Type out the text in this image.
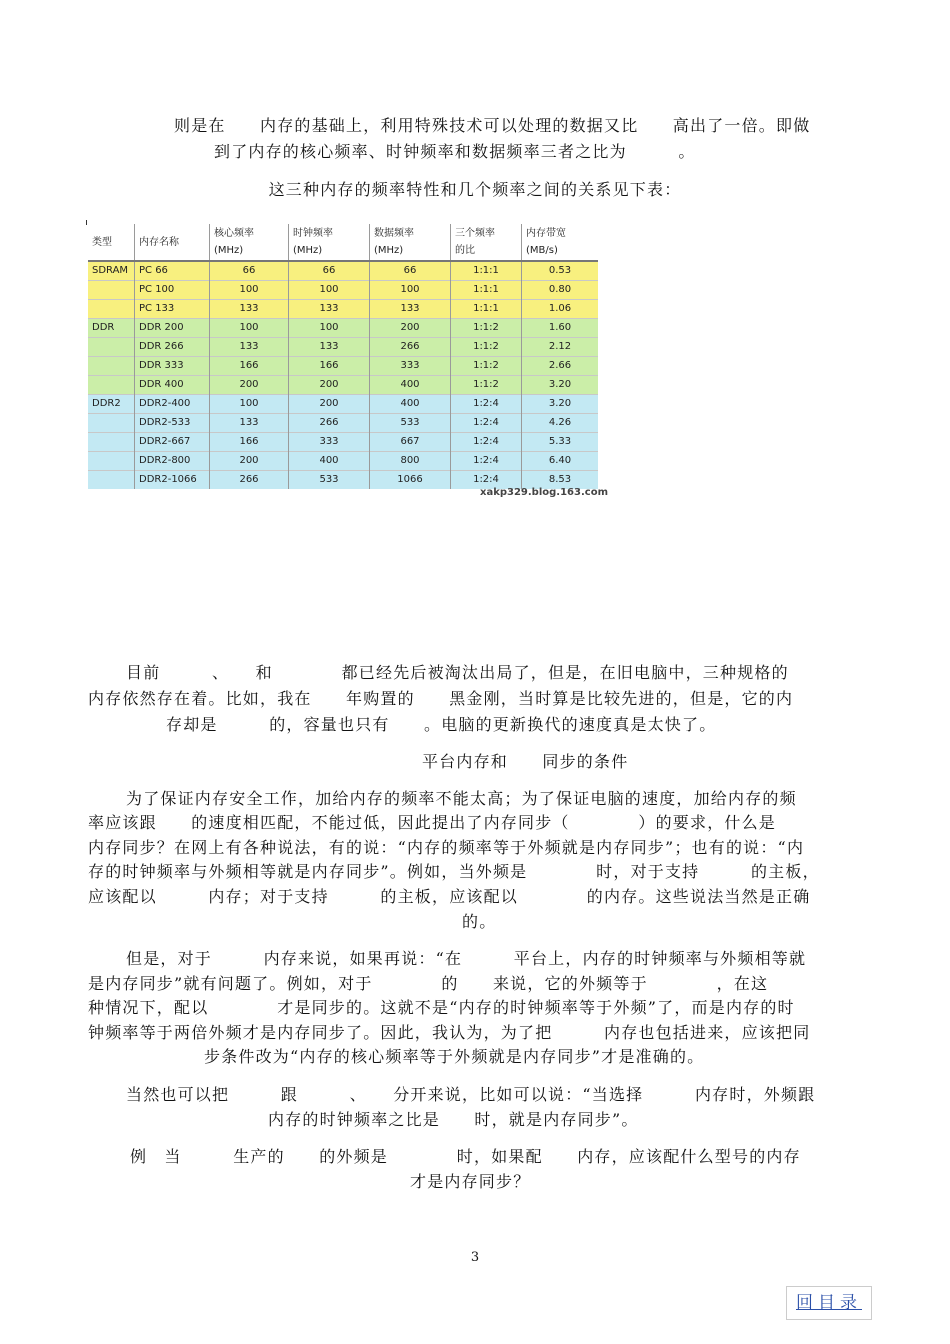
则是在　　内存的基础上，利用特殊技术可以处理的数据又比　　高出了一倍。即做
到了内存的核心频率、时钟频率和数据频率三者之比为　　　。
这三种内存的频率特性和几个频率之间的关系见下表：
类型	内存名称	核心频率
(MHz)	时钟频率
(MHz)	数据频率
(MHz)	三个频率
的比	内存带宽
(MB/s)
SDRAM	PC 66	66	66	66	1:1:1	0.53
	PC 100	100	100	100	1:1:1	0.80
	PC 133	133	133	133	1:1:1	1.06
DDR	DDR 200	100	100	200	1:1:2	1.60
	DDR 266	133	133	266	1:1:2	2.12
	DDR 333	166	166	333	1:1:2	2.66
	DDR 400	200	200	400	1:1:2	3.20
DDR2	DDR2-400	100	200	400	1:2:4	3.20
	DDR2-533	133	266	533	1:2:4	4.26
	DDR2-667	166	333	667	1:2:4	5.33
	DDR2-800	200	400	800	1:2:4	6.40
	DDR2-1066	266	533	1066	1:2:4	8.53
xakp329.blog.163.com
目前　　　、　　和　　　　都已经先后被淘汰出局了，但是，在旧电脑中，三种规格的
内存依然存在着。比如，我在　　年购置的　　黑金刚，当时算是比较先进的，但是，它的内
存却是　　　的，容量也只有　　。电脑的更新换代的速度真是太快了。
平台内存和　　同步的条件
为了保证内存安全工作，加给内存的频率不能太高；为了保证电脑的速度，加给内存的频
率应该跟　　的速度相匹配，不能过低，因此提出了内存同步（　　　　）的要求，什么是
内存同步？在网上有各种说法，有的说：“内存的频率等于外频就是内存同步”；也有的说：“内
存的时钟频率与外频相等就是内存同步”。例如，当外频是　　　　时，对于支持　　　的主板，
应该配以　　　内存；对于支持　　　的主板，应该配以　　　　的内存。这些说法当然是正确
的。
但是，对于　　　内存来说，如果再说：“在　　　平台上，内存的时钟频率与外频相等就
是内存同步”就有问题了。例如，对于　　　　的　　来说，它的外频等于　　　　，在这
种情况下，配以　　　　才是同步的。这就不是“内存的时钟频率等于外频”了，而是内存的时
钟频率等于两倍外频才是内存同步了。因此，我认为，为了把　　　内存也包括进来，应该把同
步条件改为“内存的核心频率等于外频就是内存同步”才是准确的。
当然也可以把　　　跟　　　、　　分开来说，比如可以说：“当选择　　　内存时，外频跟
内存的时钟频率之比是　　时，就是内存同步”。
例　当　　　生产的　　的外频是　　　　时，如果配　　内存，应该配什么型号的内存
才是内存同步？
3
回目录
